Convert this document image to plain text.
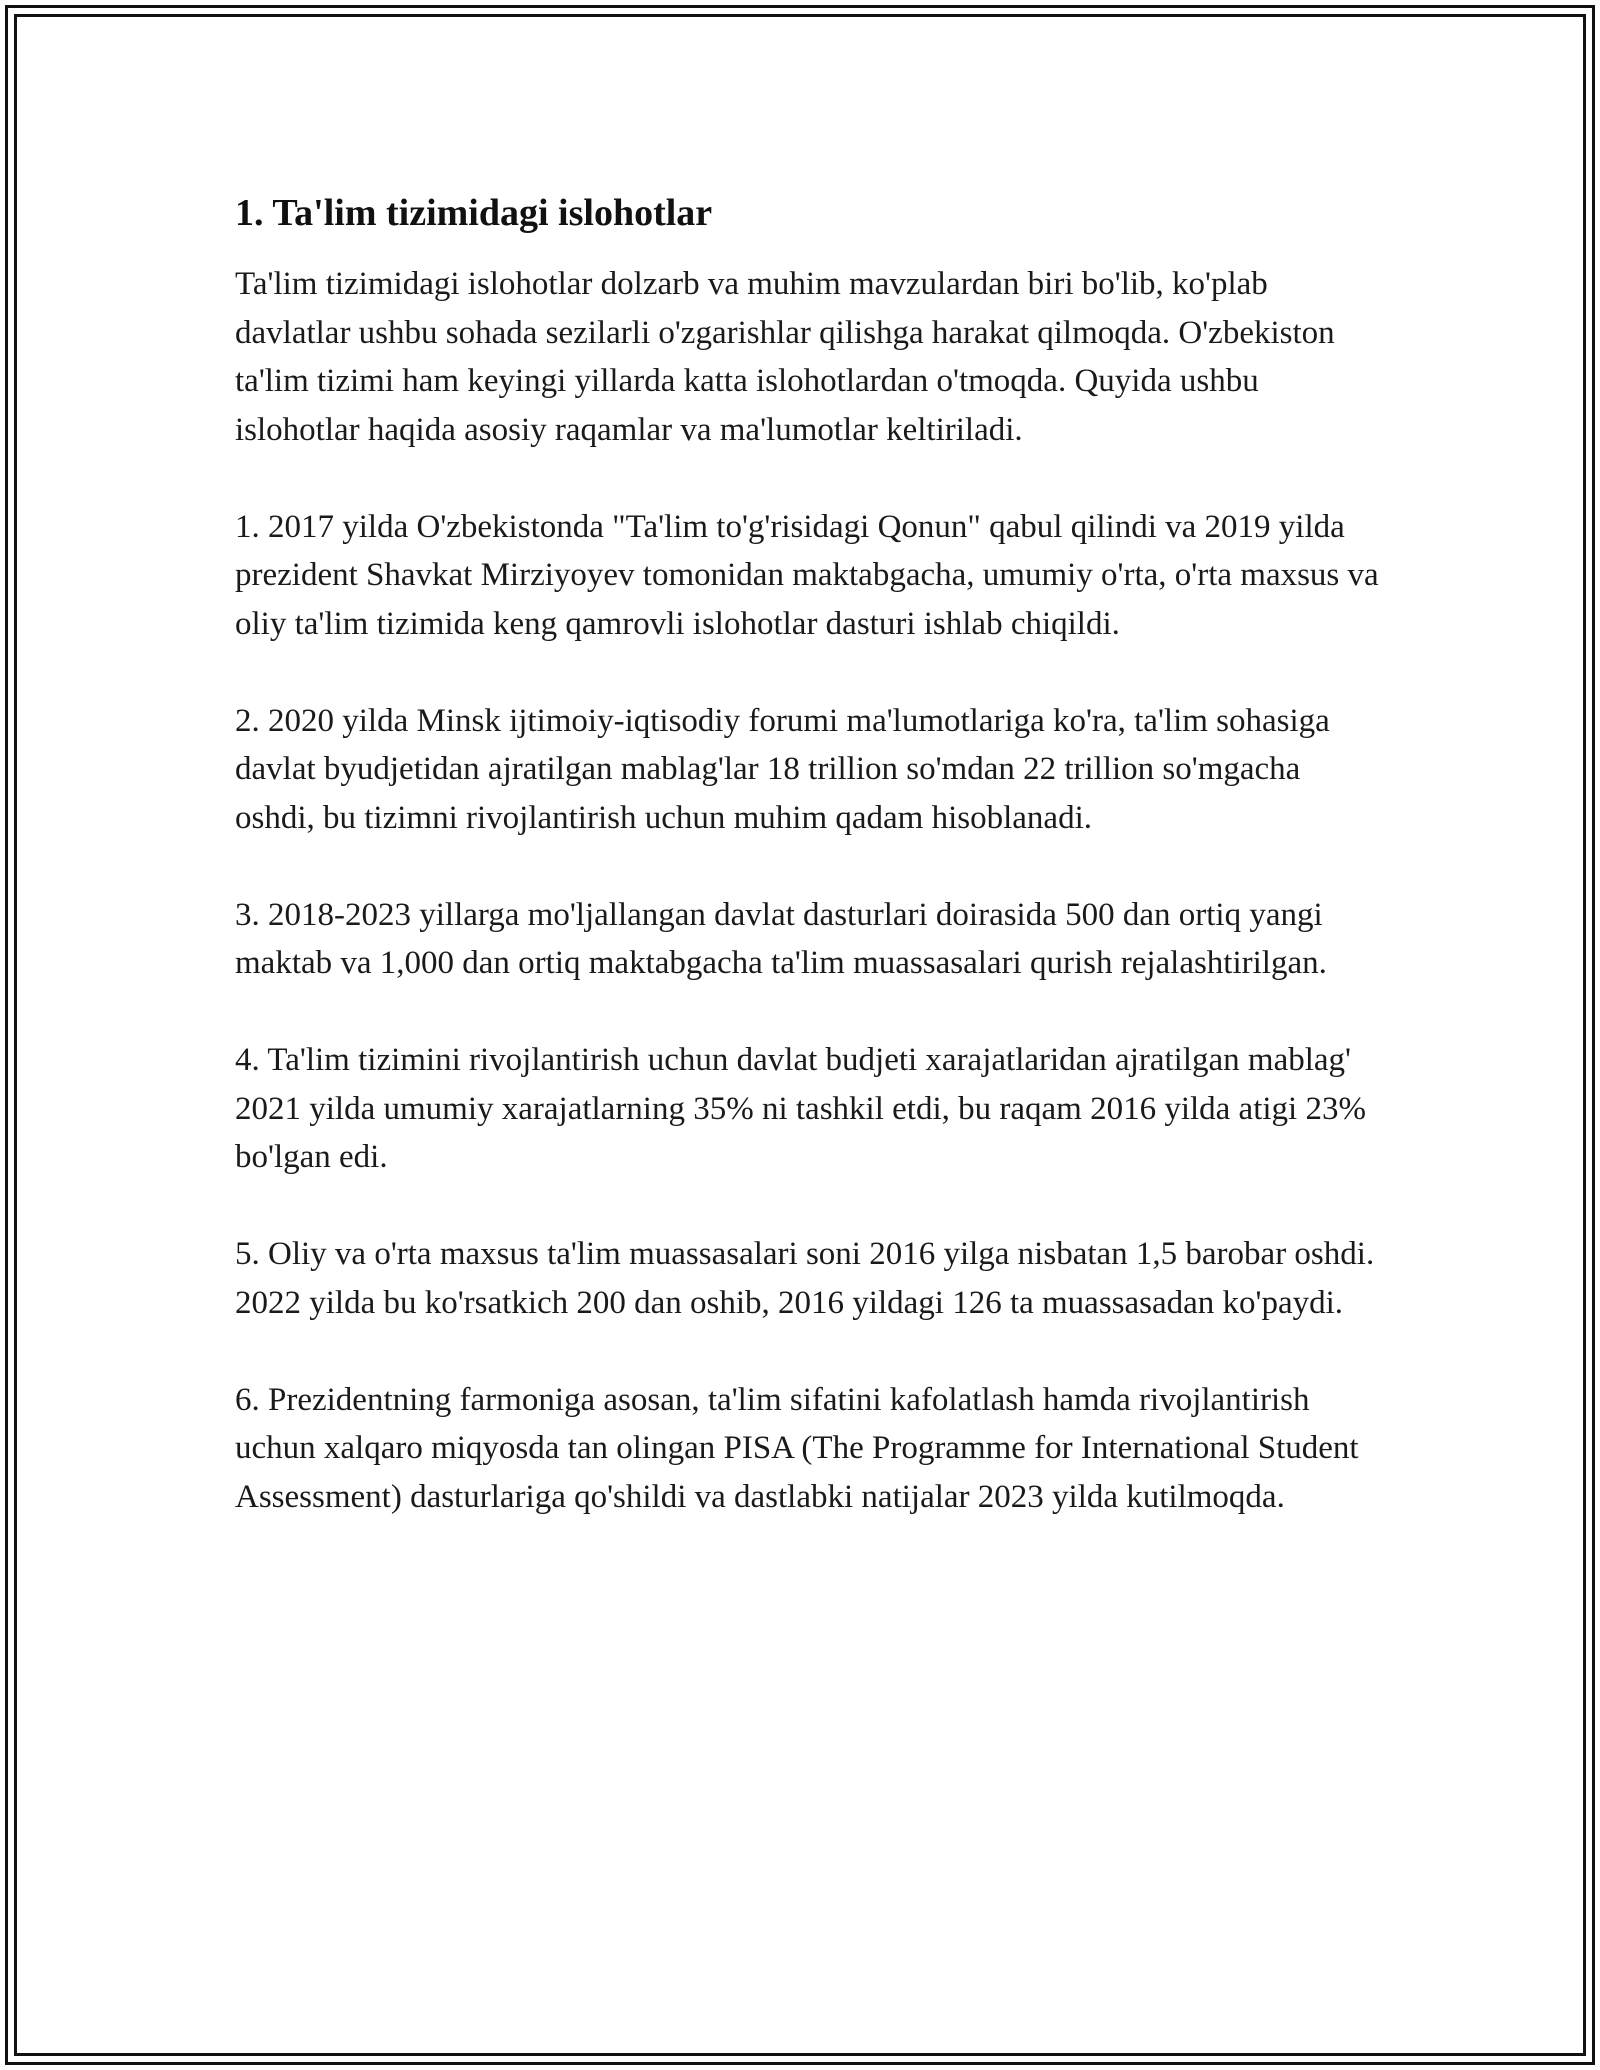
1. Ta'lim tizimidagi islohotlar

Ta'lim tizimidagi islohotlar dolzarb va muhim mavzulardan biri bo'lib, ko'plab davlatlar ushbu sohada sezilarli o'zgarishlar qilishga harakat qilmoqda. O'zbekiston ta'lim tizimi ham keyingi yillarda katta islohotlardan o'tmoqda. Quyida ushbu islohotlar haqida asosiy raqamlar va ma'lumotlar keltiriladi.

1. 2017 yilda O'zbekistonda "Ta'lim to'g'risidagi Qonun" qabul qilindi va 2019 yilda prezident Shavkat Mirziyoyev tomonidan maktabgacha, umumiy o'rta, o'rta maxsus va oliy ta'lim tizimida keng qamrovli islohotlar dasturi ishlab chiqildi.

2. 2020 yilda Minsk ijtimoiy-iqtisodiy forumi ma'lumotlariga ko'ra, ta'lim sohasiga davlat byudjetidan ajratilgan mablag'lar 18 trillion so'mdan 22 trillion so'mgacha oshdi, bu tizimni rivojlantirish uchun muhim qadam hisoblanadi.

3. 2018-2023 yillarga mo'ljallangan davlat dasturlari doirasida 500 dan ortiq yangi maktab va 1,000 dan ortiq maktabgacha ta'lim muassasalari qurish rejalashtirilgan.

4. Ta'lim tizimini rivojlantirish uchun davlat budjeti xarajatlaridan ajratilgan mablag' 2021 yilda umumiy xarajatlarning 35% ni tashkil etdi, bu raqam 2016 yilda atigi 23% bo'lgan edi.

5. Oliy va o'rta maxsus ta'lim muassasalari soni 2016 yilga nisbatan 1,5 barobar oshdi. 2022 yilda bu ko'rsatkich 200 dan oshib, 2016 yildagi 126 ta muassasadan ko'paydi.

6. Prezidentning farmoniga asosan, ta'lim sifatini kafolatlash hamda rivojlantirish uchun xalqaro miqyosda tan olingan PISA (The Programme for International Student Assessment) dasturlariga qo'shildi va dastlabki natijalar 2023 yilda kutilmoqda.
